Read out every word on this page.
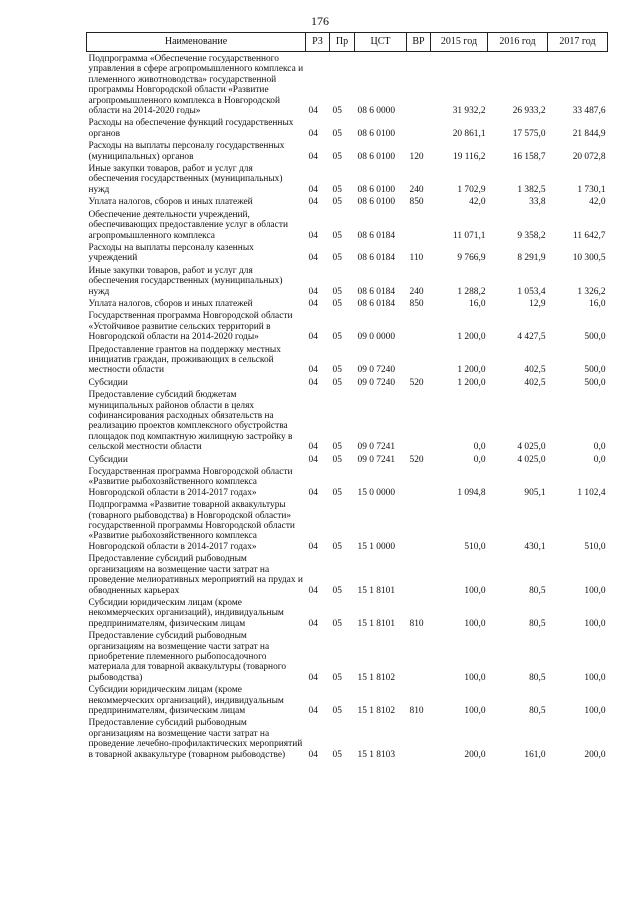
176
Наименование	РЗ	Пр	ЦСТ	ВР	2015 год	2016 год	2017 год
Подпрограмма «Обеспечение государственного управления в сфере агропромышленного комплекса и племенного животноводства» государственной программы Новгородской области «Развитие агропромышленного комплекса в Новгородской области на 2014-2020 годы»	04	05	08 6 0000		31 932,2	26 933,2	33 487,6
Расходы на обеспечение функций государственных органов	04	05	08 6 0100		20 861,1	17 575,0	21 844,9
Расходы на выплаты персоналу государственных (муниципальных) органов	04	05	08 6 0100	120	19 116,2	16 158,7	20 072,8
Иные закупки товаров, работ и услуг для обеспечения государственных (муниципальных) нужд	04	05	08 6 0100	240	1 702,9	1 382,5	1 730,1
Уплата налогов, сборов и иных платежей	04	05	08 6 0100	850	42,0	33,8	42,0
Обеспечение деятельности учреждений, обеспечивающих предоставление услуг в области агропромышленного комплекса	04	05	08 6 0184		11 071,1	9 358,2	11 642,7
Расходы на выплаты персоналу казенных учреждений	04	05	08 6 0184	110	9 766,9	8 291,9	10 300,5
Иные закупки товаров, работ и услуг для обеспечения государственных (муниципальных) нужд	04	05	08 6 0184	240	1 288,2	1 053,4	1 326,2
Уплата налогов, сборов и иных платежей	04	05	08 6 0184	850	16,0	12,9	16,0
Государственная программа Новгородской области «Устойчивое развитие сельских территорий в Новгородской области на 2014-2020 годы»	04	05	09 0 0000		1 200,0	4 427,5	500,0
Предоставление грантов на поддержку местных инициатив граждан, проживающих в сельской местности области	04	05	09 0 7240		1 200,0	402,5	500,0
Субсидии	04	05	09 0 7240	520	1 200,0	402,5	500,0
Предоставление субсидий бюджетам муниципальных районов области в целях софинансирования расходных обязательств на реализацию проектов комплексного обустройства площадок под компактную жилищную застройку в сельской местности области	04	05	09 0 7241		0,0	4 025,0	0,0
Субсидии	04	05	09 0 7241	520	0,0	4 025,0	0,0
Государственная программа Новгородской области «Развитие рыбохозяйственного комплекса Новгородской области в 2014-2017 годах»	04	05	15 0 0000		1 094,8	905,1	1 102,4
Подпрограмма «Развитие товарной аквакультуры (товарного рыбоводства) в Новгородской области» государственной программы Новгородской области «Развитие рыбохозяйственного комплекса Новгородской области в 2014-2017 годах»	04	05	15 1 0000		510,0	430,1	510,0
Предоставление субсидий рыбоводным организациям на возмещение части затрат на проведение мелиоративных мероприятий на прудах и обводненных карьерах	04	05	15 1 8101		100,0	80,5	100,0
Субсидии юридическим лицам (кроме некоммерческих организаций), индивидуальным предпринимателям, физическим лицам	04	05	15 1 8101	810	100,0	80,5	100,0
Предоставление субсидий рыбоводным организациям на возмещение части затрат на приобретение племенного рыбопосадочного материала для товарной аквакультуры (товарного рыбоводства)	04	05	15 1 8102		100,0	80,5	100,0
Субсидии юридическим лицам (кроме некоммерческих организаций), индивидуальным предпринимателям, физическим лицам	04	05	15 1 8102	810	100,0	80,5	100,0
Предоставление субсидий рыбоводным организациям на возмещение части затрат на проведение лечебно-профилактических мероприятий в товарной аквакультуре (товарном рыбоводстве)	04	05	15 1 8103		200,0	161,0	200,0
